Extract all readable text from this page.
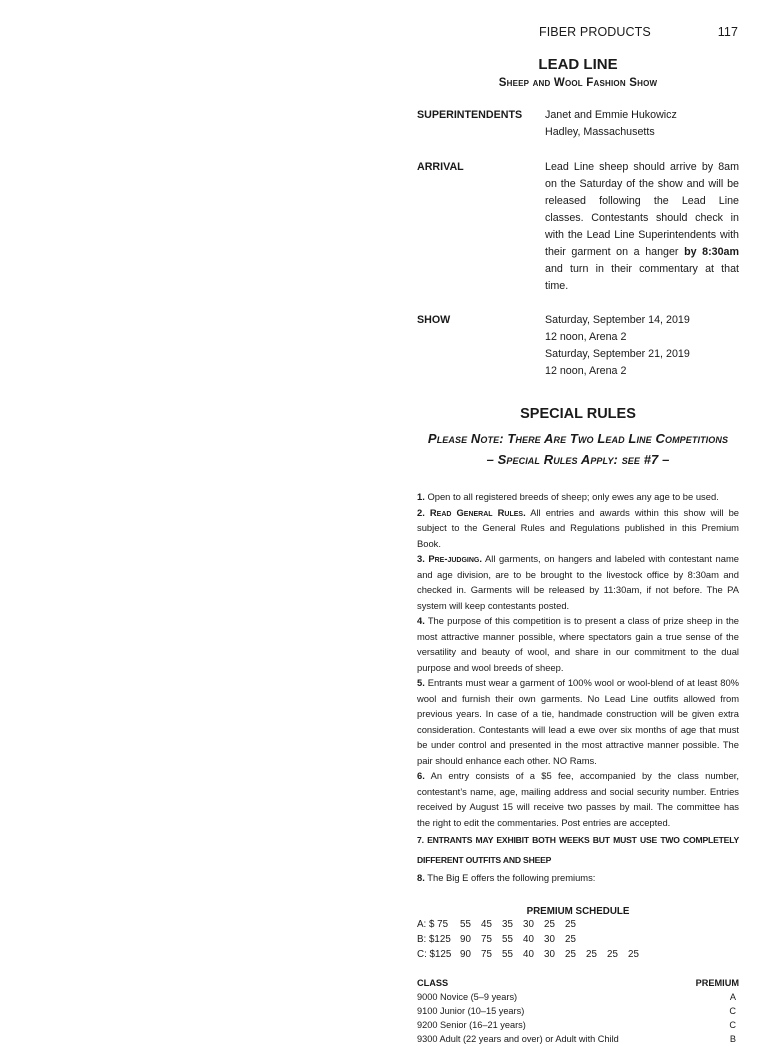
FIBER PRODUCTS	117
LEAD LINE
Sheep and Wool Fashion Show
SUPERINTENDENTS	Janet and Emmie Hukowicz
Hadley, Massachusetts
ARRIVAL	Lead Line sheep should arrive by 8am on the Saturday of the show and will be released following the Lead Line classes. Contestants should check in with the Lead Line Superintendents with their garment on a hanger by 8:30am and turn in their commentary at that time.
SHOW	Saturday, September 14, 2019
12 noon, Arena 2
Saturday, September 21, 2019
12 noon, Arena 2
SPECIAL RULES
Please Note: There Are Two Lead Line Competitions
– Special Rules Apply: see #7 –

1. Open to all registered breeds of sheep; only ewes any age to be used.

2. Read General Rules. All entries and awards within this show will be subject to the General Rules and Regulations published in this Premium Book.

3. Pre-judging. All garments, on hangers and labeled with contestant name and age division, are to be brought to the livestock office by 8:30am and checked in. Garments will be released by 11:30am, if not before. The PA system will keep contestants posted.

4. The purpose of this competition is to present a class of prize sheep in the most attractive manner possible, where spectators gain a true sense of the versatility and beauty of wool, and share in our commitment to the dual purpose and wool breeds of sheep.

5. Entrants must wear a garment of 100% wool or wool-blend of at least 80% wool and furnish their own garments. No Lead Line outfits allowed from previous years. In case of a tie, handmade construction will be given extra consideration. Contestants will lead a ewe over six months of age that must be under control and presented in the most attractive manner possible. The pair should enhance each other. NO Rams.

6. An entry consists of a $5 fee, accompanied by the class number, contestant’s name, age, mailing address and social security number. Entries received by August 15 will receive two passes by mail. The committee has the right to edit the commentaries. Post entries are accepted.

7. ENTRANTS MAY EXHIBIT BOTH WEEKS BUT MUST USE TWO COMPLETELY DIFFERENT OUTFITS AND SHEEP

8. The Big E offers the following premiums:

PREMIUM SCHEDULE
A: $ 75	55	45	35	30	25	25
B: $125 90	75	55	40	30	25
C: $125 90	75	55	40	30	25	25	25	25
CLASS	PREMIUM
9000 Novice (5–9 years)	A
9100 Junior (10–15 years)	C
9200 Senior (16–21 years)	C
9300 Adult (22 years and over) or Adult with Child	B
